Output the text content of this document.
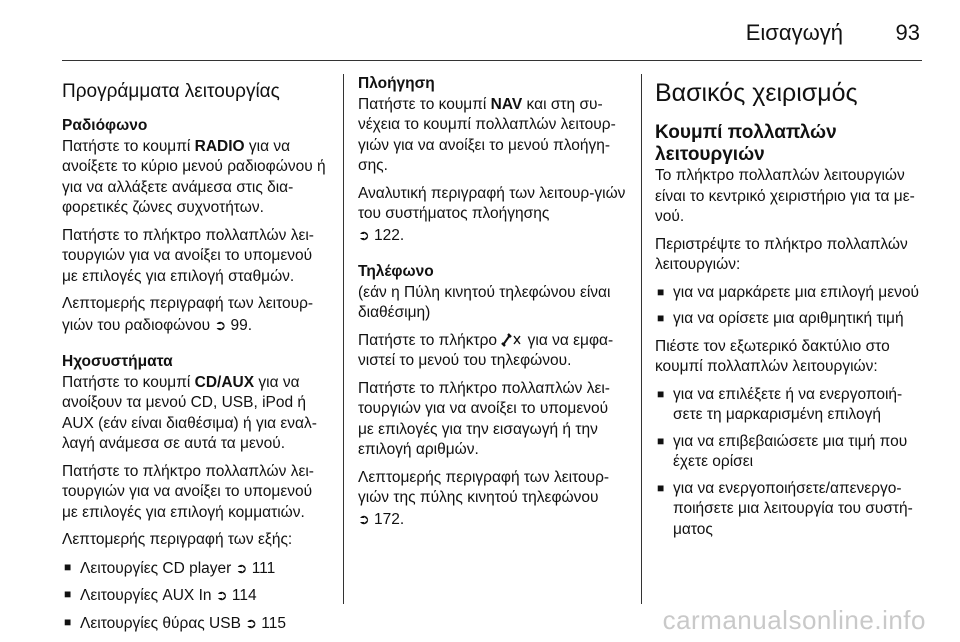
Εισαγωγή 93
Προγράμματα λειτουργίας
Ραδιόφωνο

Πατήστε το κουμπί RADIO για να ανοίξετε το κύριο μενού ραδιοφώνου ή για να αλλάξετε ανάμεσα στις δια-φορετικές ζώνες συχνοτήτων.

Πατήστε το πλήκτρο πολλαπλών λει-τουργιών για να ανοίξει το υπομενού με επιλογές για επιλογή σταθμών.

Λεπτομερής περιγραφή των λειτουρ-γιών του ραδιοφώνου ➲ 99.

Ηχοσυστήματα

Πατήστε το κουμπί CD/AUX για να ανοίξουν τα μενού CD, USB, iPod ή AUX (εάν είναι διαθέσιμα) ή για εναλ-λαγή ανάμεσα σε αυτά τα μενού.

Πατήστε το πλήκτρο πολλαπλών λει-τουργιών για να ανοίξει το υπομενού με επιλογές για επιλογή κομματιών.

Λεπτομερής περιγραφή των εξής:

■ Λειτουργίες CD player ➲ 111
■ Λειτουργίες AUX In ➲ 114
■ Λειτουργίες θύρας USB ➲ 115
Πλοήγηση

Πατήστε το κουμπί NAV και στη συ-νέχεια το κουμπί πολλαπλών λειτουρ-γιών για να ανοίξει το μενού πλοήγη-σης.

Αναλυτική περιγραφή των λειτουρ-γιών του συστήματος πλοήγησης
➲ 122.

Τηλέφωνο

(εάν η Πύλη κινητού τηλεφώνου είναι διαθέσιμη)

Πατήστε το πλήκτρο  για να εμφα-νιστεί το μενού του τηλεφώνου.

Πατήστε το πλήκτρο πολλαπλών λει-τουργιών για να ανοίξει το υπομενού με επιλογές για την εισαγωγή ή την επιλογή αριθμών.

Λεπτομερής περιγραφή των λειτουρ-γιών της πύλης κινητού τηλεφώνου
➲ 172.

Βασικός χειρισμός
Κουμπί πολλαπλών λειτουργιών

Το πλήκτρο πολλαπλών λειτουργιών είναι το κεντρικό χειριστήριο για τα με-νού.

Περιστρέψτε το πλήκτρο πολλαπλών λειτουργιών:

■ για να μαρκάρετε μια επιλογή μενού
■ για να ορίσετε μια αριθμητική τιμή

Πιέστε τον εξωτερικό δακτύλιο στο κουμπί πολλαπλών λειτουργιών:

■ για να επιλέξετε ή να ενεργοποιή-σετε τη μαρκαρισμένη επιλογή
■ για να επιβεβαιώσετε μια τιμή που έχετε ορίσει
■ για να ενεργοποιήσετε/απενεργο-ποιήσετε μια λειτουργία του συστή-ματος
carmanualsonline.info
